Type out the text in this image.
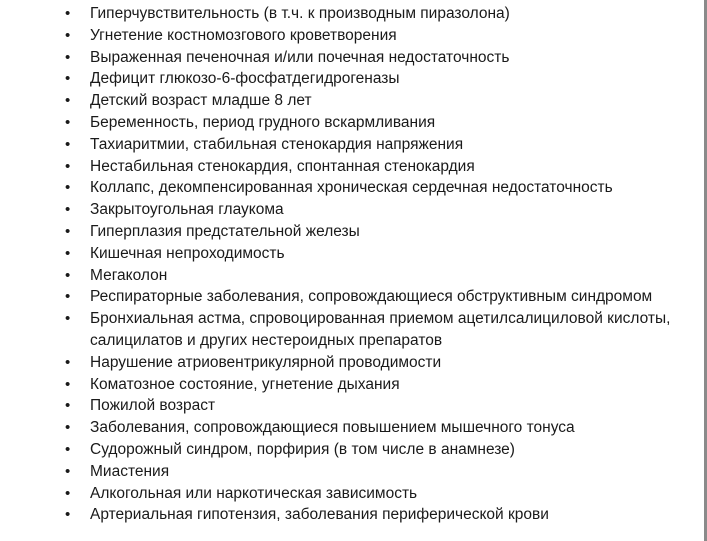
•	Гиперчувствительность (в т.ч. к производным пиразолона)
•	Угнетение костномозгового кроветворения
•	Выраженная печеночная и/или почечная недостаточность
•	Дефицит глюкозо-6-фосфатдегидрогеназы
•	Детский возраст младше 8 лет
•	Беременность, период грудного вскармливания
•	Тахиаритмии, стабильная стенокардия напряжения
•	Нестабильная стенокардия, спонтанная стенокардия
•	Коллапс, декомпенсированная хроническая сердечная недостаточность
•	Закрытоугольная глаукома
•	Гиперплазия предстательной железы
•	Кишечная непроходимость
•	Мегаколон
•	Респираторные заболевания, сопровождающиеся обструктивным синдромом
•	Бронхиальная астма, спровоцированная приемом ацетилсалициловой кислоты, салицилатов и других нестероидных препаратов
•	Нарушение атриовентрикулярной проводимости
•	Коматозное состояние, угнетение дыхания
•	Пожилой возраст
•	Заболевания, сопровождающиеся повышением мышечного тонуса
•	Судорожный синдром, порфирия (в том числе в анамнезе)
•	Миастения
•	Алкогольная или наркотическая зависимость
•	Артериальная гипотензия, заболевания периферической крови
